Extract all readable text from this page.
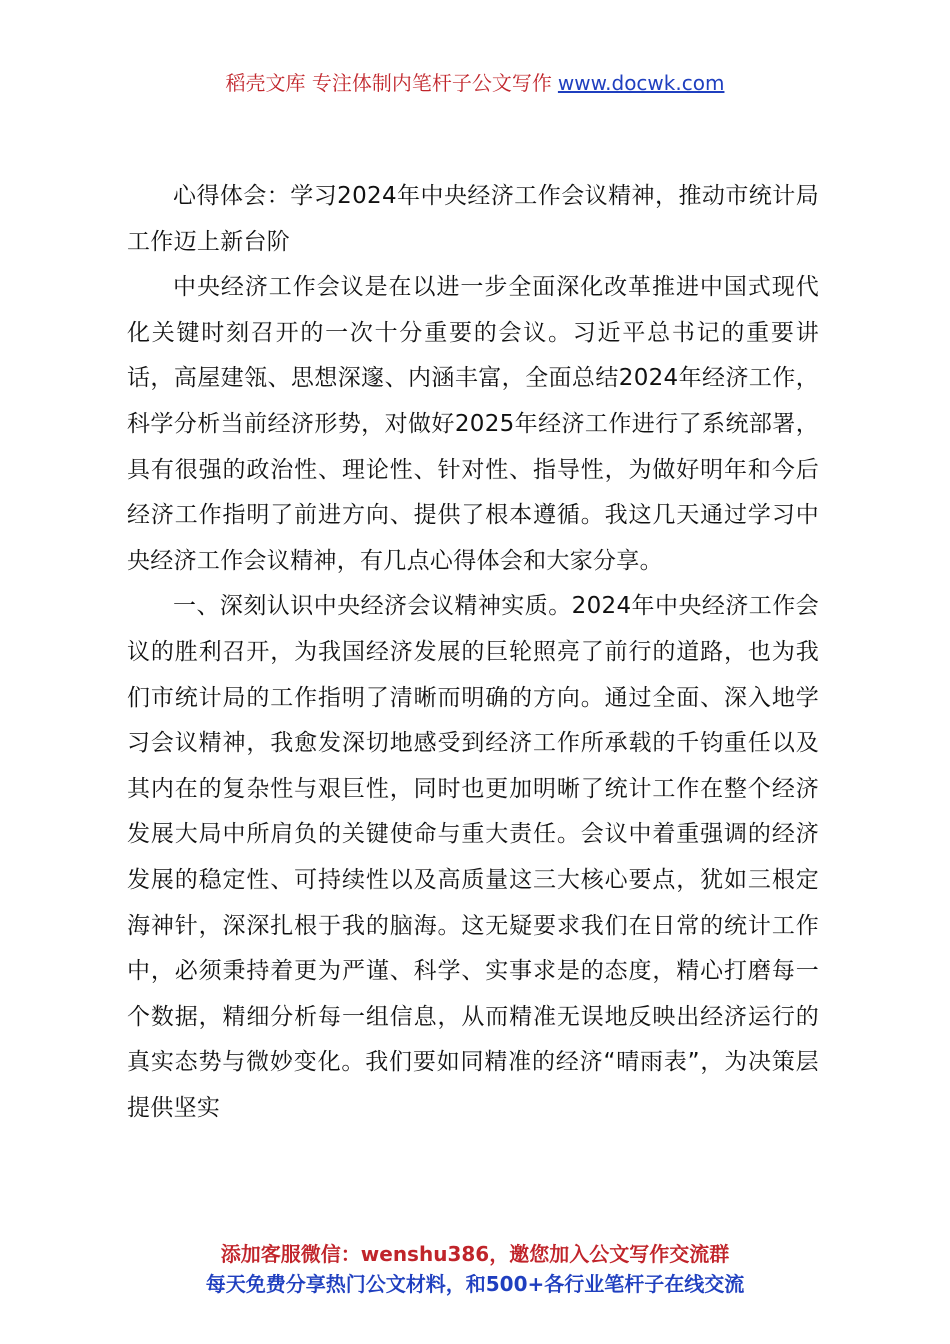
稻壳文库 专注体制内笔杆子公文写作 www.docwk.com

心得体会：学习2024年中央经济工作会议精神，推动市统计局工作迈上新台阶

中央经济工作会议是在以进一步全面深化改革推进中国式现代化关键时刻召开的一次十分重要的会议。习近平总书记的重要讲话，高屋建瓴、思想深邃、内涵丰富，全面总结2024年经济工作，科学分析当前经济形势，对做好2025年经济工作进行了系统部署，具有很强的政治性、理论性、针对性、指导性，为做好明年和今后经济工作指明了前进方向、提供了根本遵循。我这几天通过学习中央经济工作会议精神，有几点心得体会和大家分享。

一、深刻认识中央经济会议精神实质。2024年中央经济工作会议的胜利召开，为我国经济发展的巨轮照亮了前行的道路，也为我们市统计局的工作指明了清晰而明确的方向。通过全面、深入地学习会议精神，我愈发深切地感受到经济工作所承载的千钧重任以及其内在的复杂性与艰巨性，同时也更加明晰了统计工作在整个经济发展大局中所肩负的关键使命与重大责任。会议中着重强调的经济发展的稳定性、可持续性以及高质量这三大核心要点，犹如三根定海神针，深深扎根于我的脑海。这无疑要求我们在日常的统计工作中，必须秉持着更为严谨、科学、实事求是的态度，精心打磨每一个数据，精细分析每一组信息，从而精准无误地反映出经济运行的真实态势与微妙变化。我们要如同精准的经济“晴雨表”，为决策层提供坚实

添加客服微信：wenshu386，邀您加入公文写作交流群
每天免费分享热门公文材料，和500+各行业笔杆子在线交流
